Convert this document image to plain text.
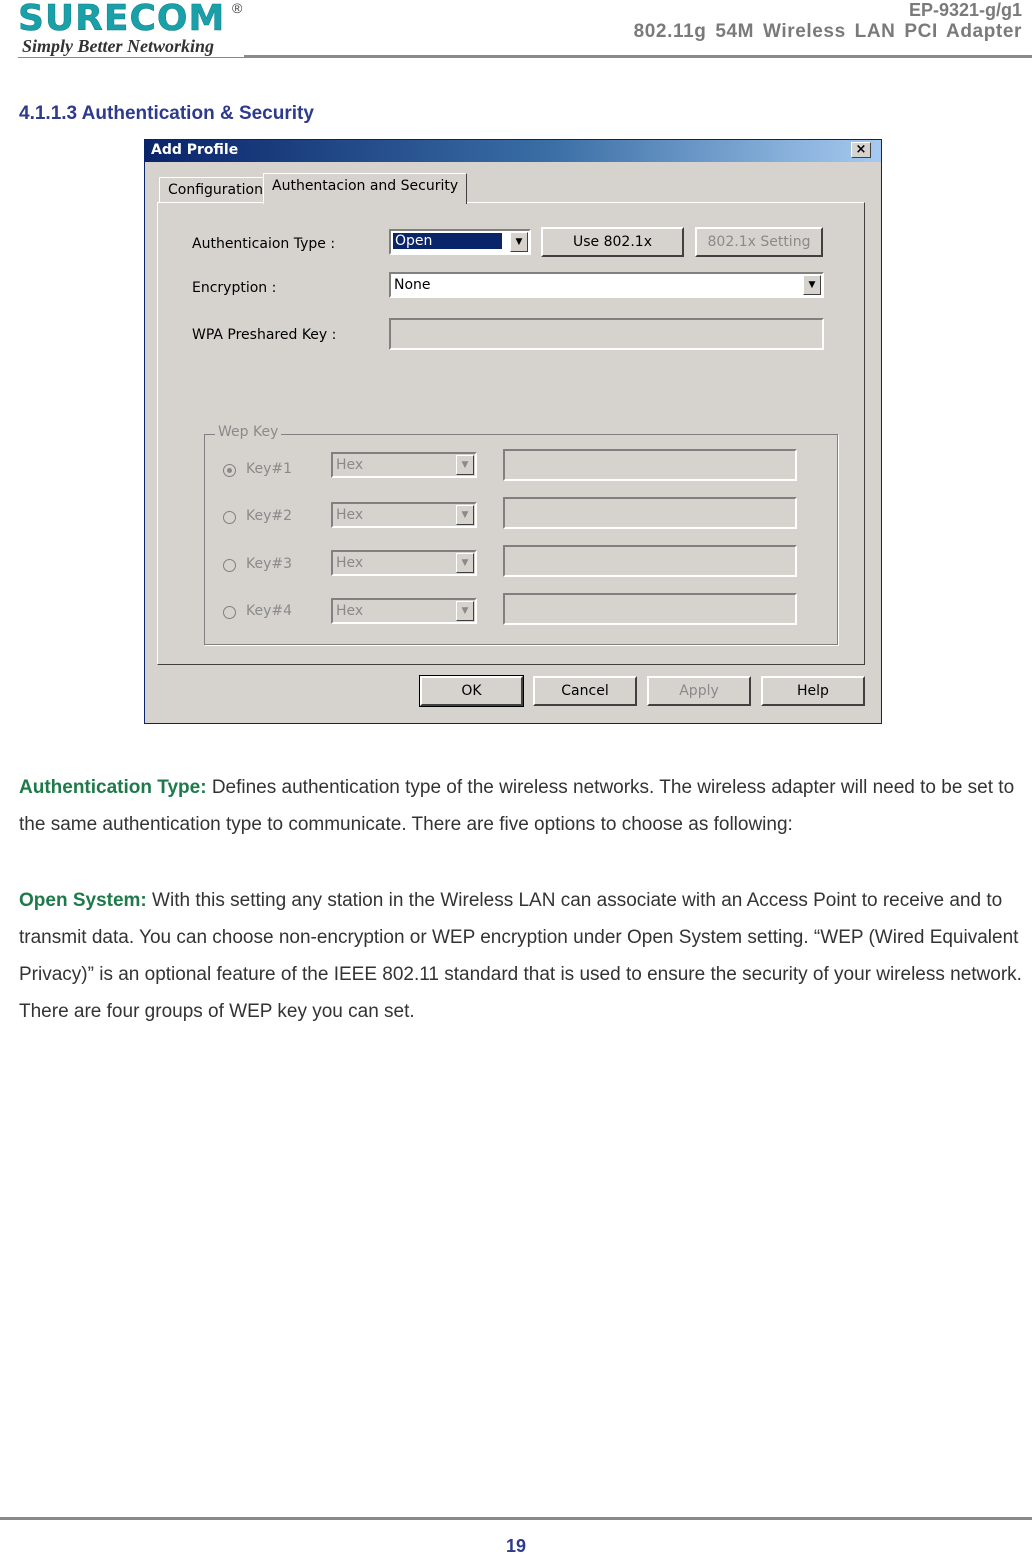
SURECOM ®
Simply Better Networking
EP-9321-g/g1
802.11g 54M Wireless LAN PCI Adapter
4.1.1.3 Authentication & Security
Add Profile	×
Configuration Authentacion and Security
Authenticaion Type :	Open	▼	Use 802.1x	802.1x Setting
Encryption :	None	▼
WPA Preshared Key :
Wep Key
Key#1	Hex	▼
Key#2	Hex	▼
Key#3	Hex	▼
Key#4	Hex	▼
OK	Cancel	Apply	Help
Authentication Type: Defines authentication type of the wireless networks. The wireless adapter will need to be set to the same authentication type to communicate. There are five options to choose as following:
Open System: With this setting any station in the Wireless LAN can associate with an Access Point to receive and to transmit data. You can choose non-encryption or WEP encryption under Open System setting. “WEP (Wired Equivalent Privacy)” is an optional feature of the IEEE 802.11 standard that is used to ensure the security of your wireless network. There are four groups of WEP key you can set.
19
